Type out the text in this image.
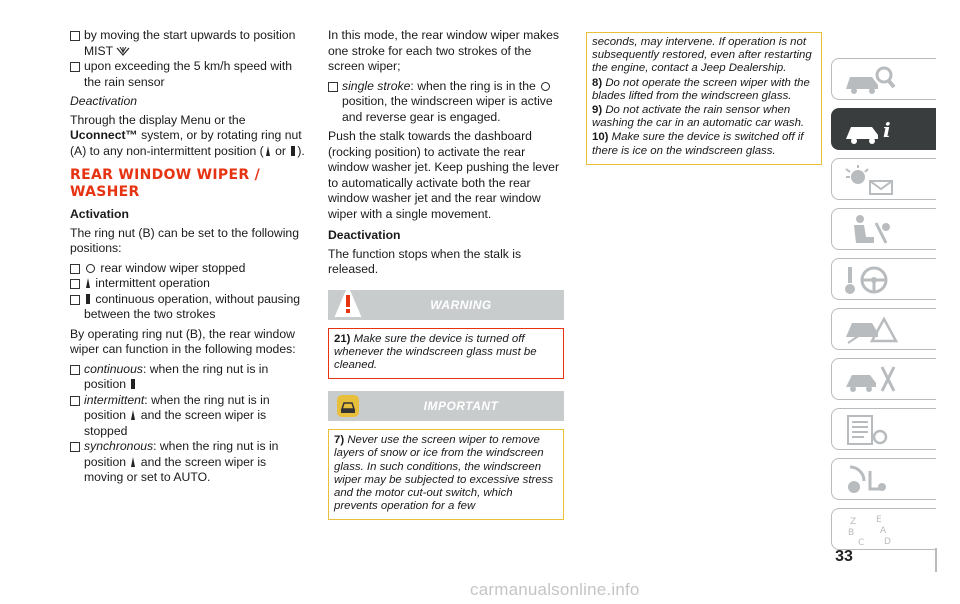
by moving the start upwards to position MIST
upon exceeding the 5 km/h speed with the rain sensor
Deactivation
Through the display Menu or the Uconnect™ system, or by rotating ring nut (A) to any non-intermittent position ( or ).
REAR WINDOW WIPER / WASHER
Activation
The ring nut (B) can be set to the following positions:
rear window wiper stopped
intermittent operation
continuous operation, without pausing between the two strokes
By operating ring nut (B), the rear window wiper can function in the following modes:
continuous: when the ring nut is in position
intermittent: when the ring nut is in position and the screen wiper is stopped
synchronous: when the ring nut is in position and the screen wiper is moving or set to AUTO.
In this mode, the rear window wiper makes one stroke for each two strokes of the screen wiper;
single stroke: when the ring is in the  position, the windscreen wiper is active and reverse gear is engaged.
Push the stalk towards the dashboard (rocking position) to activate the rear window washer jet. Keep pushing the lever to automatically activate both the rear window washer jet and the rear window wiper with a single movement.
Deactivation
The function stops when the stalk is released.
WARNING
21) Make sure the device is turned off whenever the windscreen glass must be cleaned.
IMPORTANT
7) Never use the screen wiper to remove layers of snow or ice from the windscreen glass. In such conditions, the windscreen wiper may be subjected to excessive stress and the motor cut-out switch, which prevents operation for a few
seconds, may intervene. If operation is not subsequently restored, even after restarting the engine, contact a Jeep Dealership.
8) Do not operate the screen wiper with the blades lifted from the windscreen glass.
9) Do not activate the rain sensor when washing the car in an automatic car wash.
10) Make sure the device is switched off if there is ice on the windscreen glass.
i
Z E
B	A
C D
33
carmanualsonline.info
